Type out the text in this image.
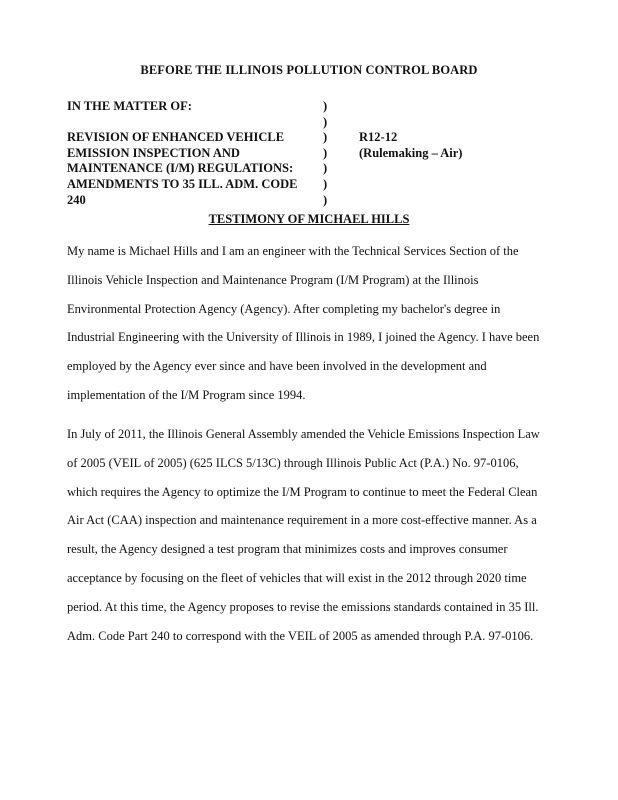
BEFORE THE ILLINOIS POLLUTION CONTROL BOARD
IN THE MATTER OF:	)
)
REVISION OF ENHANCED VEHICLE	)	R12-12
EMISSION INSPECTION AND	)	(Rulemaking – Air)
MAINTENANCE (I/M) REGULATIONS: )
AMENDMENTS TO 35 ILL. ADM. CODE )
240	)
TESTIMONY OF MICHAEL HILLS

My name is Michael Hills and I am an engineer with the Technical Services Section of the Illinois Vehicle Inspection and Maintenance Program (I/M Program) at the Illinois Environmental Protection Agency (Agency). After completing my bachelor's degree in Industrial Engineering with the University of Illinois in 1989, I joined the Agency. I have been employed by the Agency ever since and have been involved in the development and implementation of the I/M Program since 1994.

In July of 2011, the Illinois General Assembly amended the Vehicle Emissions Inspection Law of 2005 (VEIL of 2005) (625 ILCS 5/13C) through Illinois Public Act (P.A.) No. 97-0106, which requires the Agency to optimize the I/M Program to continue to meet the Federal Clean Air Act (CAA) inspection and maintenance requirement in a more cost-effective manner. As a result, the Agency designed a test program that minimizes costs and improves consumer acceptance by focusing on the fleet of vehicles that will exist in the 2012 through 2020 time period. At this time, the Agency proposes to revise the emissions standards contained in 35 Ill. Adm. Code Part 240 to correspond with the VEIL of 2005 as amended through P.A. 97-0106.
